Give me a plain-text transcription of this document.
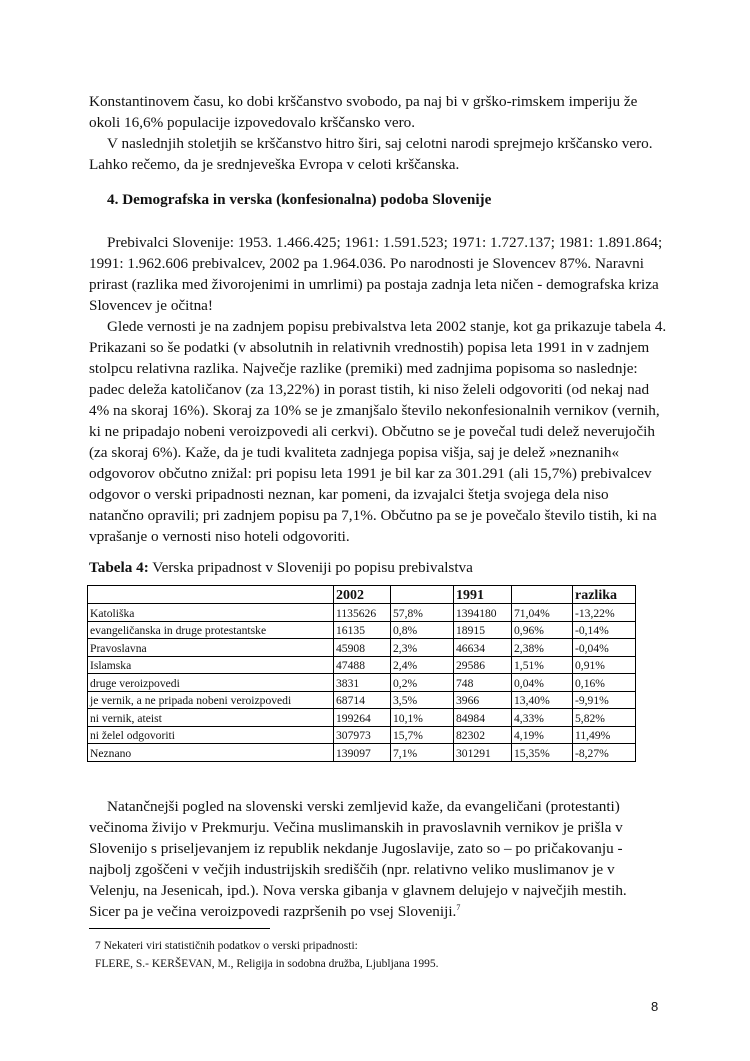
Konstantinovem času, ko dobi krščanstvo svobodo, pa naj bi v grško-rimskem imperiju že
okoli 16,6% populacije izpovedovalo krščansko vero.
V naslednjih stoletjih se krščanstvo hitro širi, saj celotni narodi sprejmejo krščansko vero.
Lahko rečemo, da je srednjeveška Evropa v celoti krščanska.
4. Demografska in verska (konfesionalna) podoba Slovenije
Prebivalci Slovenije: 1953. 1.466.425; 1961: 1.591.523; 1971: 1.727.137; 1981: 1.891.864;
1991: 1.962.606 prebivalcev, 2002 pa 1.964.036. Po narodnosti je Slovencev 87%. Naravni
prirast (razlika med živorojenimi in umrlimi) pa postaja zadnja leta ničen - demografska kriza
Slovencev je očitna!
Glede vernosti je na zadnjem popisu prebivalstva leta 2002 stanje, kot ga prikazuje tabela 4.
Prikazani so še podatki (v absolutnih in relativnih vrednostih) popisa leta 1991 in v zadnjem
stolpcu relativna razlika. Največje razlike (premiki) med zadnjima popisoma so naslednje:
padec deleža katoličanov (za 13,22%) in porast tistih, ki niso želeli odgovoriti (od nekaj nad
4% na skoraj 16%). Skoraj za 10% se je zmanjšalo število nekonfesionalnih vernikov (vernih,
ki ne pripadajo nobeni veroizpovedi ali cerkvi). Občutno se je povečal tudi delež neverujočih
(za skoraj 6%). Kaže, da je tudi kvaliteta zadnjega popisa višja, saj je delež »neznanih«
odgovorov občutno znižal: pri popisu leta 1991 je bil kar za 301.291 (ali 15,7%) prebivalcev
odgovor o verski pripadnosti neznan, kar pomeni, da izvajalci štetja svojega dela niso
natančno opravili; pri zadnjem popisu pa 7,1%. Občutno pa se je povečalo število tistih, ki na
vprašanje o vernosti niso hoteli odgovoriti.

Tabela 4: Verska pripadnost v Sloveniji po popisu prebivalstva

	2002		1991		razlika
Katoliška	1135626	57,8%	1394180	71,04%	-13,22%
evangeličanska in druge protestantske	16135	0,8%	18915	0,96%	-0,14%
Pravoslavna	45908	2,3%	46634	2,38%	-0,04%
Islamska	47488	2,4%	29586	1,51%	0,91%
druge veroizpovedi	3831	0,2%	748	0,04%	0,16%
je vernik, a ne pripada nobeni veroizpovedi	68714	3,5%	3966	13,40%	-9,91%
ni vernik, ateist	199264	10,1%	84984	4,33%	5,82%
ni želel odgovoriti	307973	15,7%	82302	4,19%	11,49%
Neznano	139097	7,1%	301291	15,35%	-8,27%
Natančnejši pogled na slovenski verski zemljevid kaže, da evangeličani (protestanti)
večinoma živijo v Prekmurju. Večina muslimanskih in pravoslavnih vernikov je prišla v
Slovenijo s priseljevanjem iz republik nekdanje Jugoslavije, zato so – po pričakovanju -
najbolj zgoščeni v večjih industrijskih središčih (npr. relativno veliko muslimanov je v
Velenju, na Jesenicah, ipd.). Nova verska gibanja v glavnem delujejo v največjih mestih.
Sicer pa je večina veroizpovedi razpršenih po vsej Sloveniji.$^7$
7 Nekateri viri statističnih podatkov o verski pripadnosti:
FLERE, S.- KERŠEVAN, M., Religija in sodobna družba, Ljubljana 1995.
8
